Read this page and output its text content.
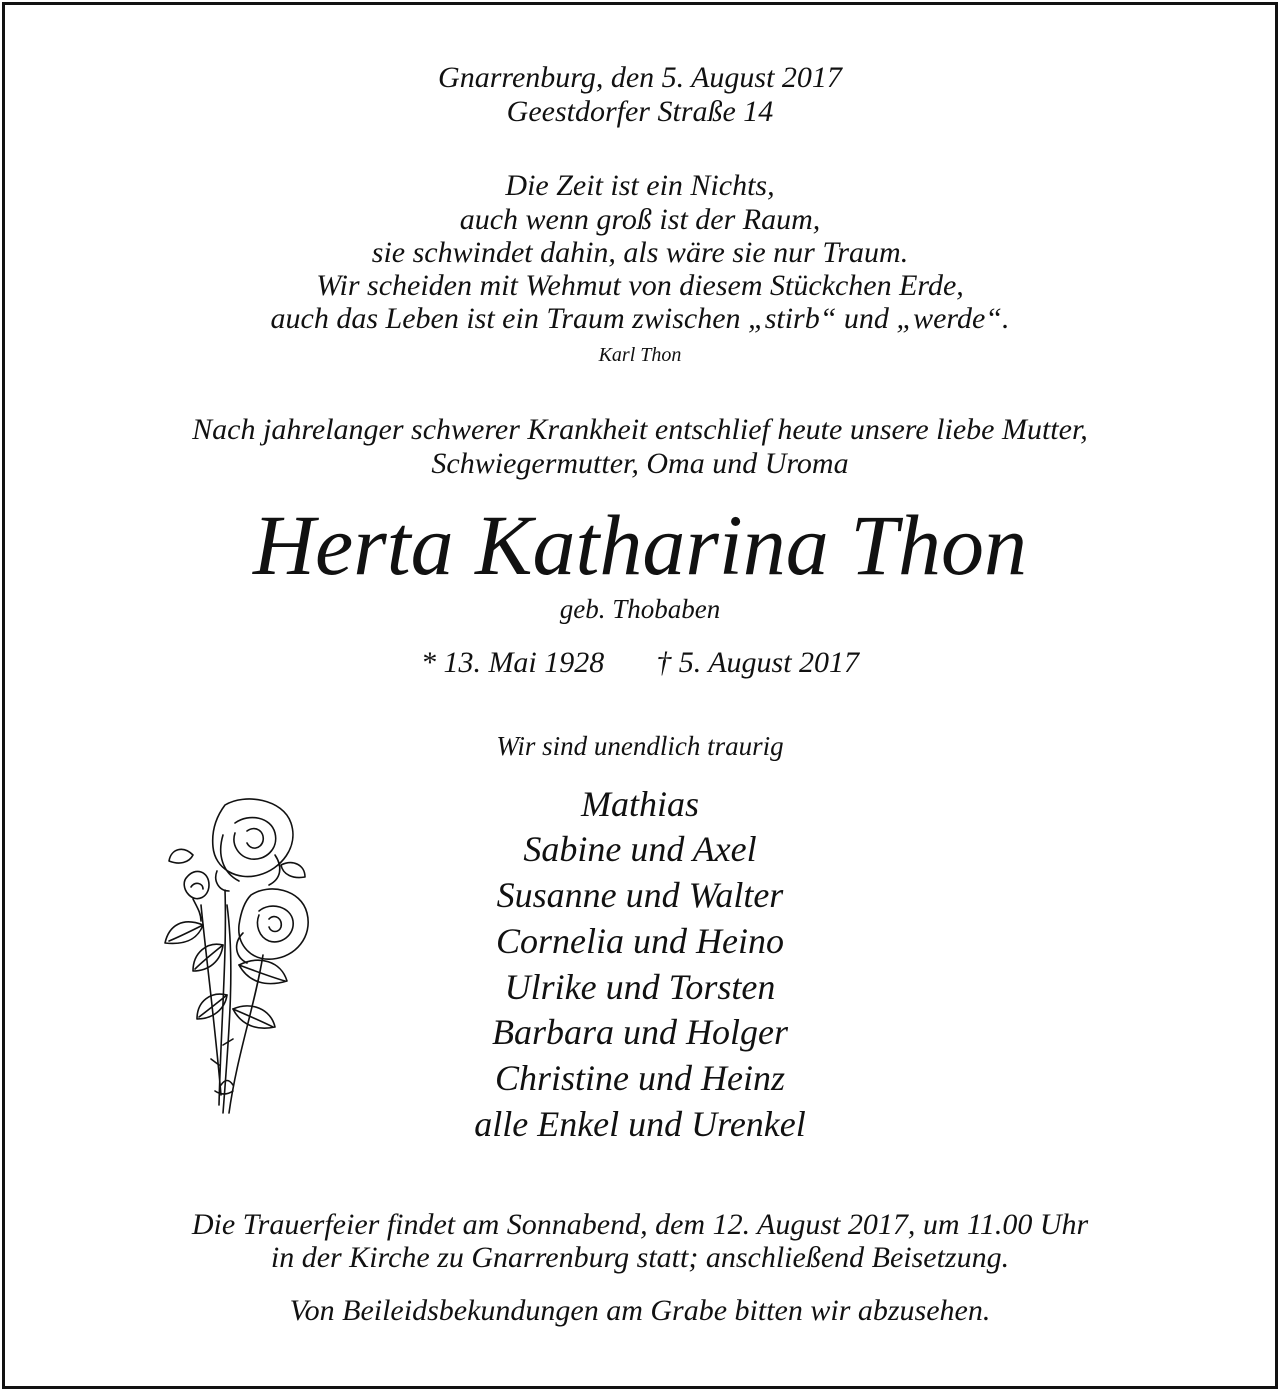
Gnarrenburg, den 5. August 2017

Geestdorfer Straße 14

Die Zeit ist ein Nichts,

auch wenn groß ist der Raum,

sie schwindet dahin, als wäre sie nur Traum.

Wir scheiden mit Wehmut von diesem Stückchen Erde,

auch das Leben ist ein Traum zwischen „stirb“ und „werde“.

Karl Thon

Nach jahrelanger schwerer Krankheit entschlief heute unsere liebe Mutter,

Schwiegermutter, Oma und Uroma

Herta Katharina Thon

geb. Thobaben

* 13. Mai 1928 † 5. August 2017

Wir sind unendlich traurig

Mathias

Sabine und Axel

Susanne und Walter

Cornelia und Heino

Ulrike und Torsten

Barbara und Holger

Christine und Heinz

alle Enkel und Urenkel

Die Trauerfeier findet am Sonnabend, dem 12. August 2017, um 11.00 Uhr

in der Kirche zu Gnarrenburg statt; anschließend Beisetzung.

Von Beileidsbekundungen am Grabe bitten wir abzusehen.
